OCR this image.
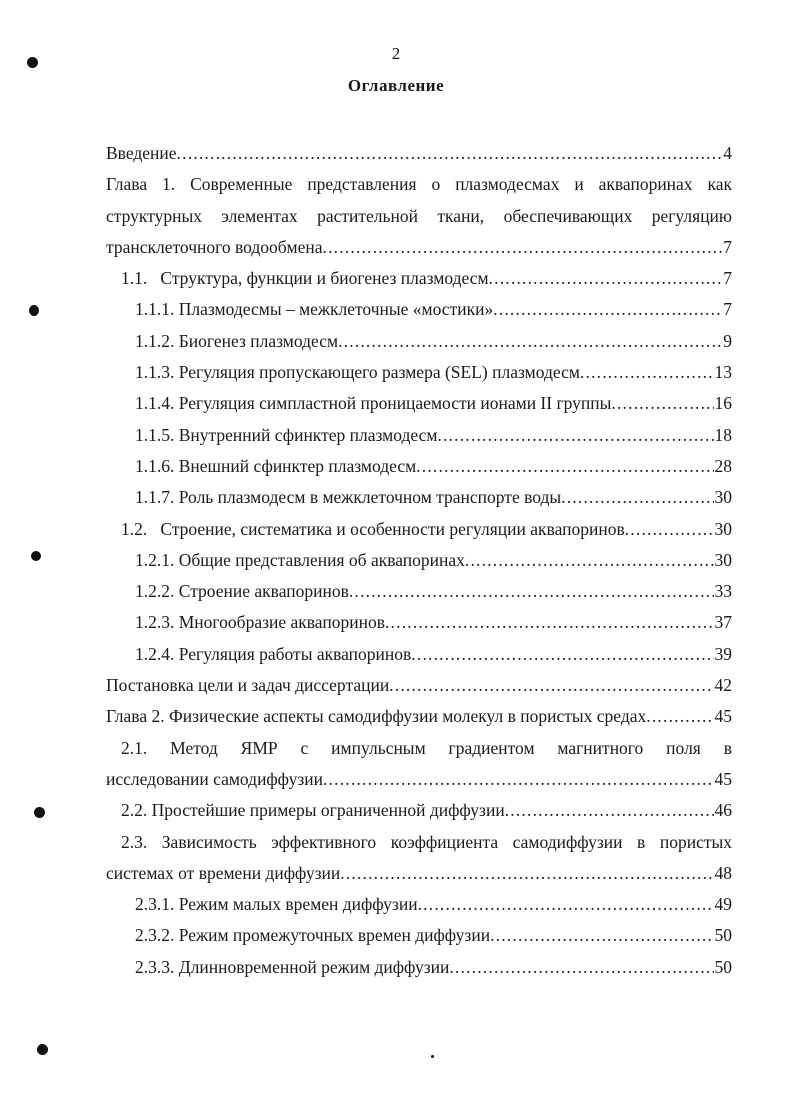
2
Оглавление
Введение .....	4
Глава 1. Современные представления о плазмодесмах и аквапоринах как
структурных элементах растительной ткани, обеспечивающих регуляцию
трансклеточного водообмена .....	7
1.1.   Структура, функции и биогенез плазмодесм .....	7
1.1.1. Плазмодесмы – межклеточные «мостики» .....	7
1.1.2. Биогенез плазмодесм .....	9
1.1.3. Регуляция пропускающего размера (SEL) плазмодесм .....	13
1.1.4. Регуляция симпластной проницаемости ионами II группы .....	16
1.1.5. Внутренний сфинктер плазмодесм .....	18
1.1.6. Внешний сфинктер плазмодесм .....	28
1.1.7. Роль плазмодесм в межклеточном транспорте воды .....	30
1.2.   Строение, систематика и особенности регуляции аквапоринов .....	30
1.2.1. Общие представления об аквапоринах .....	30
1.2.2. Строение аквапоринов .....	33
1.2.3. Многообразие аквапоринов .....	37
1.2.4. Регуляция работы аквапоринов .....	39
Постановка цели и задач диссертации .....	42
Глава 2. Физические аспекты самодиффузии молекул в пористых средах .....	45
2.1. Метод ЯМР с импульсным градиентом магнитного поля в
исследовании самодиффузии .....	45
2.2. Простейшие примеры ограниченной диффузии .....	46
2.3. Зависимость эффективного коэффициента самодиффузии в пористых
системах от времени диффузии .....	48
2.3.1. Режим малых времен диффузии .....	49
2.3.2. Режим промежуточных времен диффузии .....	50
2.3.3. Длинновременной режим диффузии .....	50
